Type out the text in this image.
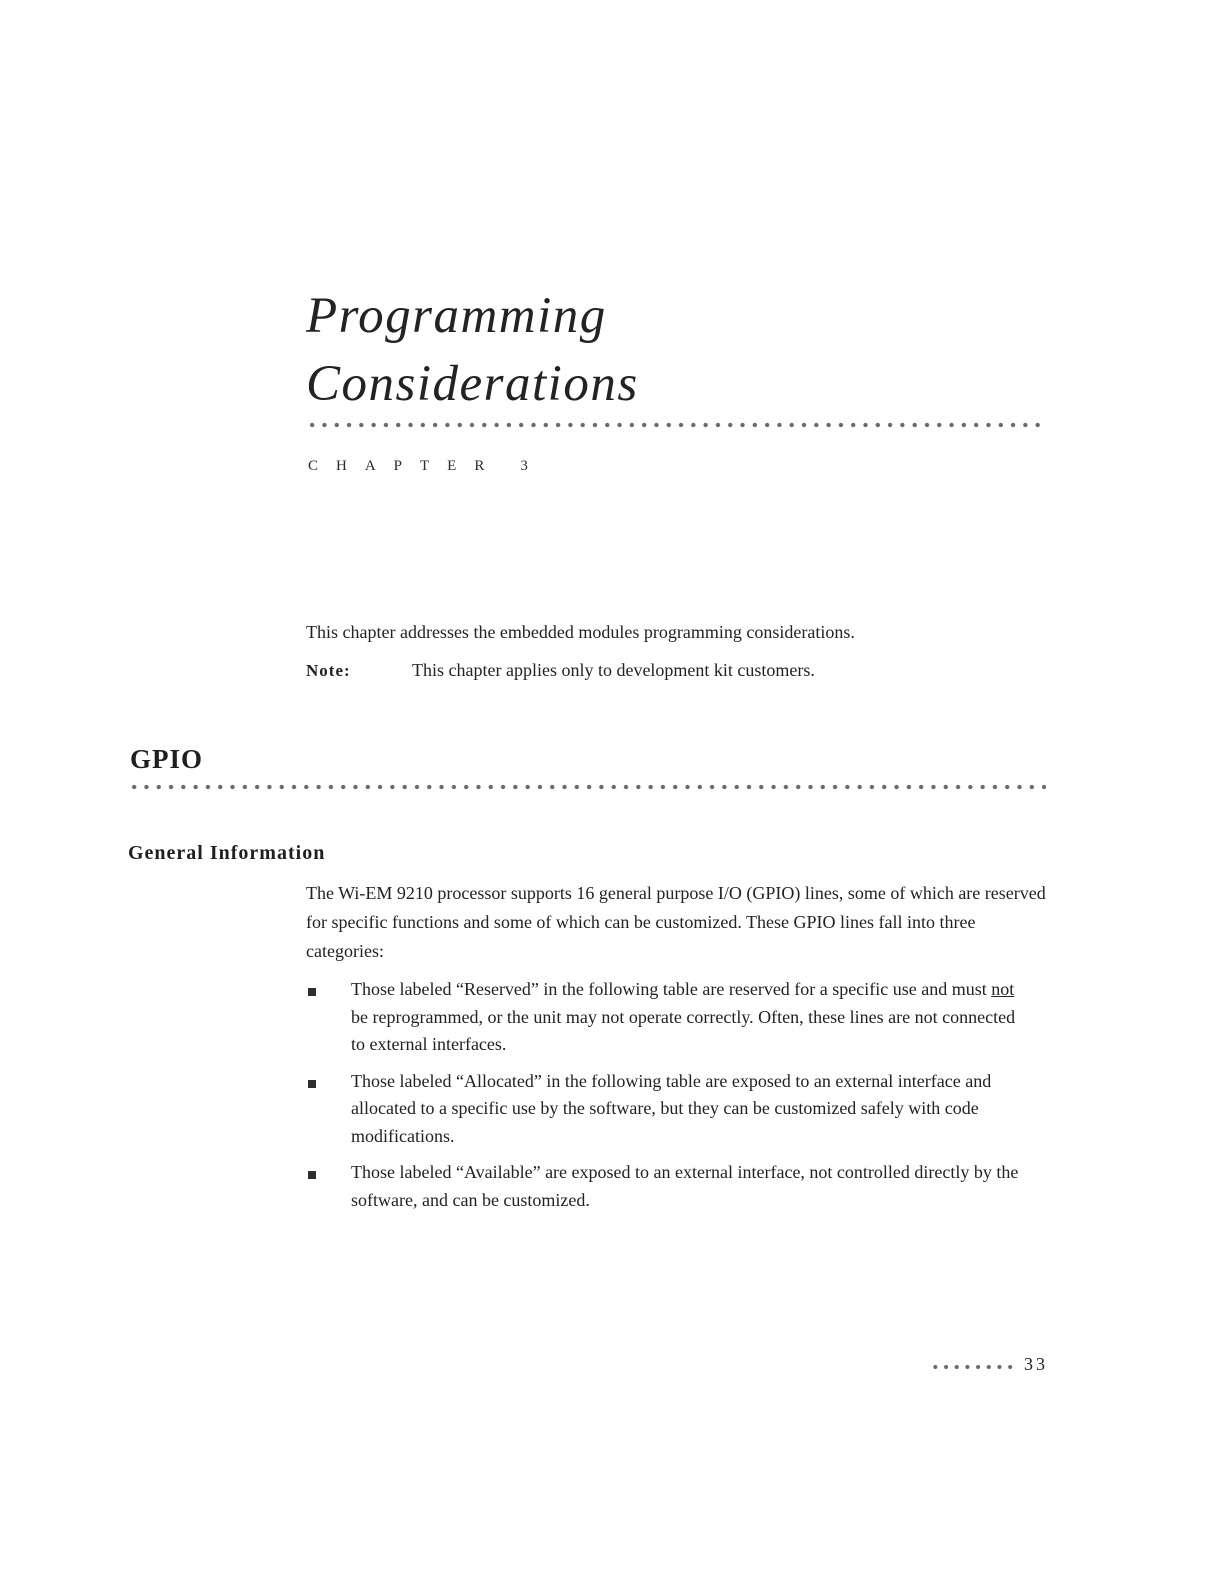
Programming
Considerations
CHAPTER 3

This chapter addresses the embedded modules programming considerations.

Note:	This chapter applies only to development kit customers.

GPIO
General Information

The Wi-EM 9210 processor supports 16 general purpose I/O (GPIO) lines, some of which are reserved for specific functions and some of which can be customized. These GPIO lines fall into three categories:

Those labeled “Reserved” in the following table are reserved for a specific use and must not be reprogrammed, or the unit may not operate correctly. Often, these lines are not connected to external interfaces.
Those labeled “Allocated” in the following table are exposed to an external interface and allocated to a specific use by the software, but they can be customized safely with code modifications.
Those labeled “Available” are exposed to an external interface, not controlled directly by the software, and can be customized.
33
